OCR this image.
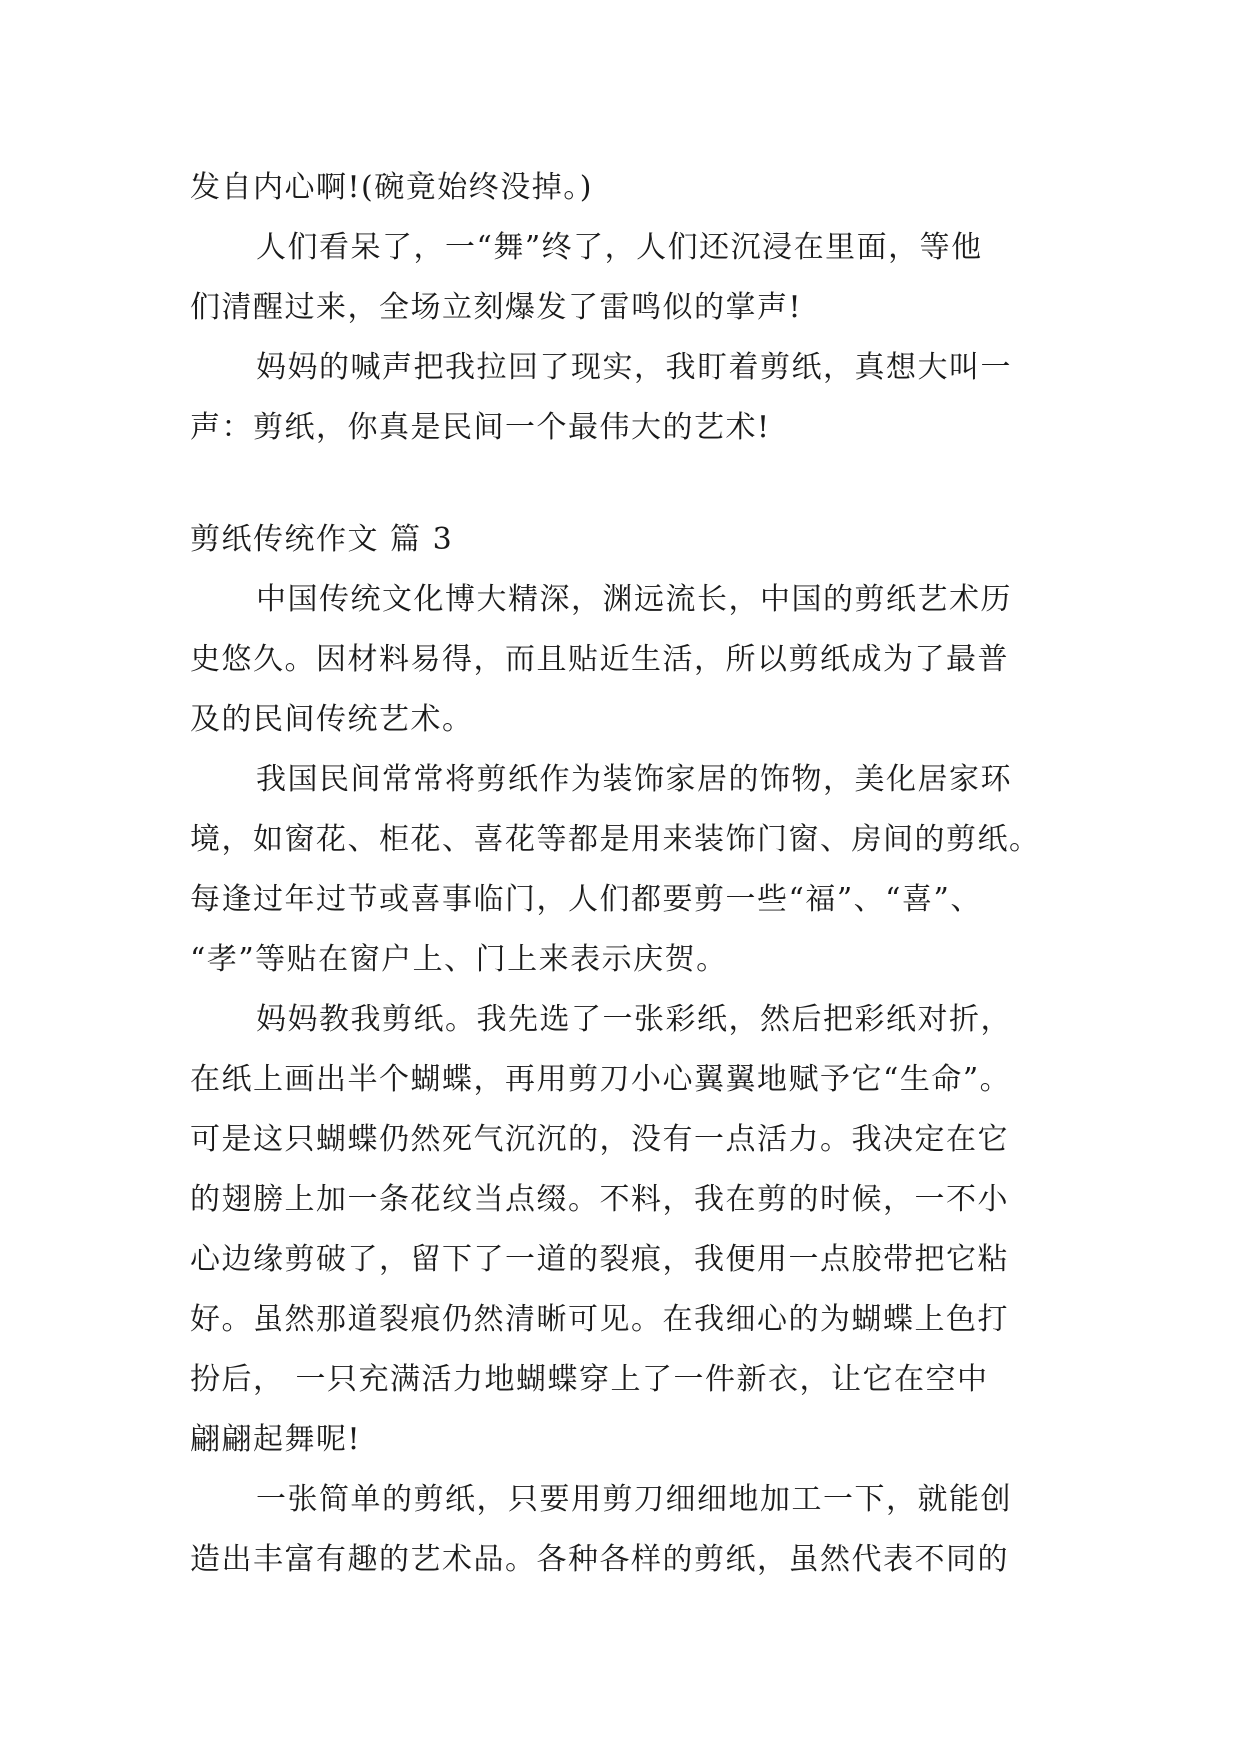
发自内心啊!(碗竟始终没掉。)
人们看呆了，一“舞”终了，人们还沉浸在里面，等他
们清醒过来，全场立刻爆发了雷鸣似的掌声!
妈妈的喊声把我拉回了现实，我盯着剪纸，真想大叫一
声：剪纸，你真是民间一个最伟大的艺术!
剪纸传统作文 篇 3
中国传统文化博大精深，渊远流长，中国的剪纸艺术历
史悠久。因材料易得，而且贴近生活，所以剪纸成为了最普
及的民间传统艺术。
我国民间常常将剪纸作为装饰家居的饰物，美化居家环
境，如窗花、柜花、喜花等都是用来装饰门窗、房间的剪纸。
每逢过年过节或喜事临门，人们都要剪一些“福”、“喜”、
“孝”等贴在窗户上、门上来表示庆贺。
妈妈教我剪纸。我先选了一张彩纸，然后把彩纸对折，
在纸上画出半个蝴蝶，再用剪刀小心翼翼地赋予它“生命”。
可是这只蝴蝶仍然死气沉沉的，没有一点活力。我决定在它
的翅膀上加一条花纹当点缀。不料，我在剪的时候，一不小
心边缘剪破了，留下了一道的裂痕，我便用一点胶带把它粘
好。虽然那道裂痕仍然清晰可见。在我细心的为蝴蝶上色打
扮后， 一只充满活力地蝴蝶穿上了一件新衣，让它在空中
翩翩起舞呢!
一张简单的剪纸，只要用剪刀细细地加工一下，就能创
造出丰富有趣的艺术品。各种各样的剪纸，虽然代表不同的
